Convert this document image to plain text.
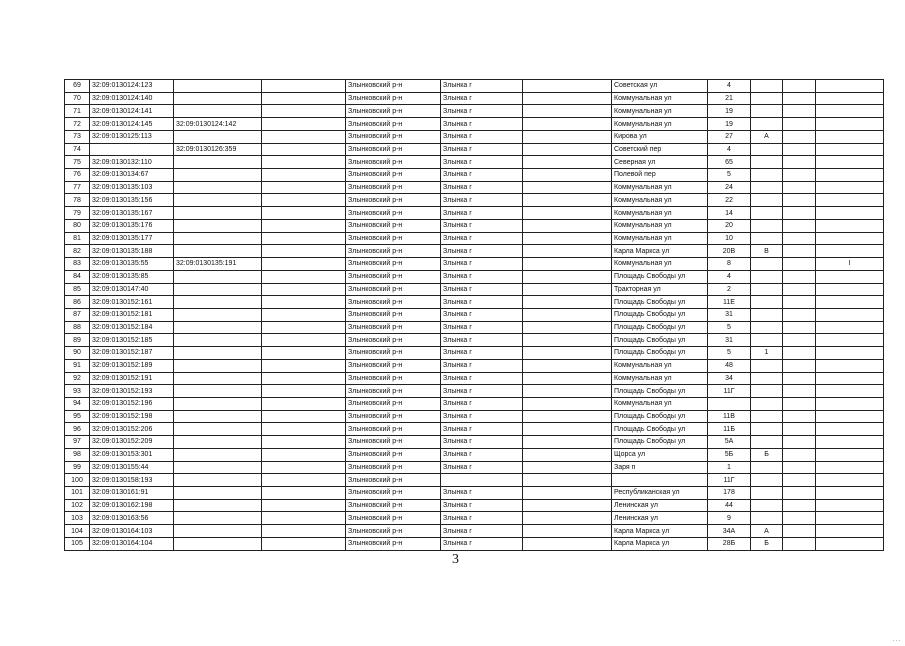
69	32:09:0130124:123			Злынковский р-н	Злынка г		Советская ул	4			
70	32:09:0130124:140			Злынковский р-н	Злынка г		Коммунальная ул	21			
71	32:09:0130124:141			Злынковский р-н	Злынка г		Коммунальная ул	19			
72	32:09:0130124:145	32:09:0130124:142		Злынковский р-н	Злынка г		Коммунальная ул	19			
73	32:09:0130125:113			Злынковский р-н	Злынка г		Кирова ул	27	А		
74		32:09:0130126:359		Злынковский р-н	Злынка г		Советский пер	4			
75	32:09:0130132:110			Злынковский р-н	Злынка г		Северная ул	65			
76	32:09:0130134:67			Злынковский р-н	Злынка г		Полевой пер	5			
77	32:09:0130135:103			Злынковский р-н	Злынка г		Коммунальная ул	24			
78	32:09:0130135:156			Злынковский р-н	Злынка г		Коммунальная ул	22			
79	32:09:0130135:167			Злынковский р-н	Злынка г		Коммунальная ул	14			
80	32:09:0130135:176			Злынковский р-н	Злынка г		Коммунальная ул	20			
81	32:09:0130135:177			Злынковский р-н	Злынка г		Коммунальная ул	10			
82	32:09:0130135:188			Злынковский р-н	Злынка г		Карла Маркса ул	20В	В		
83	32:09:0130135:55	32:09:0130135:191		Злынковский р-н	Злынка г		Коммунальная ул	8			I
84	32:09:0130135:85			Злынковский р-н	Злынка г		Площадь Свободы ул	4			
85	32:09:0130147:40			Злынковский р-н	Злынка г		Тракторная ул	2			
86	32:09:0130152:161			Злынковский р-н	Злынка г		Площадь Свободы ул	11Е			
87	32:09:0130152:181			Злынковский р-н	Злынка г		Площадь Свободы ул	31			
88	32:09:0130152:184			Злынковский р-н	Злынка г		Площадь Свободы ул	5			
89	32:09:0130152:185			Злынковский р-н	Злынка г		Площадь Свободы ул	31			
90	32:09:0130152:187			Злынковский р-н	Злынка г		Площадь Свободы ул	5	1		
91	32:09:0130152:189			Злынковский р-н	Злынка г		Коммунальная ул	48			
92	32:09:0130152:191			Злынковский р-н	Злынка г		Коммунальная ул	34			
93	32:09:0130152:193			Злынковский р-н	Злынка г		Площадь Свободы ул	11Г			
94	32:09:0130152:196			Злынковский р-н	Злынка г		Коммунальная ул				
95	32:09:0130152:198			Злынковский р-н	Злынка г		Площадь Свободы ул	11В			
96	32:09:0130152:206			Злынковский р-н	Злынка г		Площадь Свободы ул	11Б			
97	32:09:0130152:209			Злынковский р-н	Злынка г		Площадь Свободы ул	5А			
98	32:09:0130153:301			Злынковский р-н	Злынка г		Щорса ул	5Б	Б		
99	32:09:0130155:44			Злынковский р-н	Злынка г		Заря п	1			
100	32:09:0130158:193			Злынковский р-н				11Г			
101	32:09:0130161:91			Злынковский р-н	Злынка г		Республиканская ул	178			
102	32:09:0130162:198			Злынковский р-н	Злынка г		Ленинская ул	44			
103	32:09:0130163:56			Злынковский р-н	Злынка г		Ленинская ул	9			
104	32:09:0130164:103			Злынковский р-н	Злынка г		Карла Маркса ул	34А	А		
105	32:09:0130164:104			Злынковский р-н	Злынка г		Карла Маркса ул	28Б	Б		
3
